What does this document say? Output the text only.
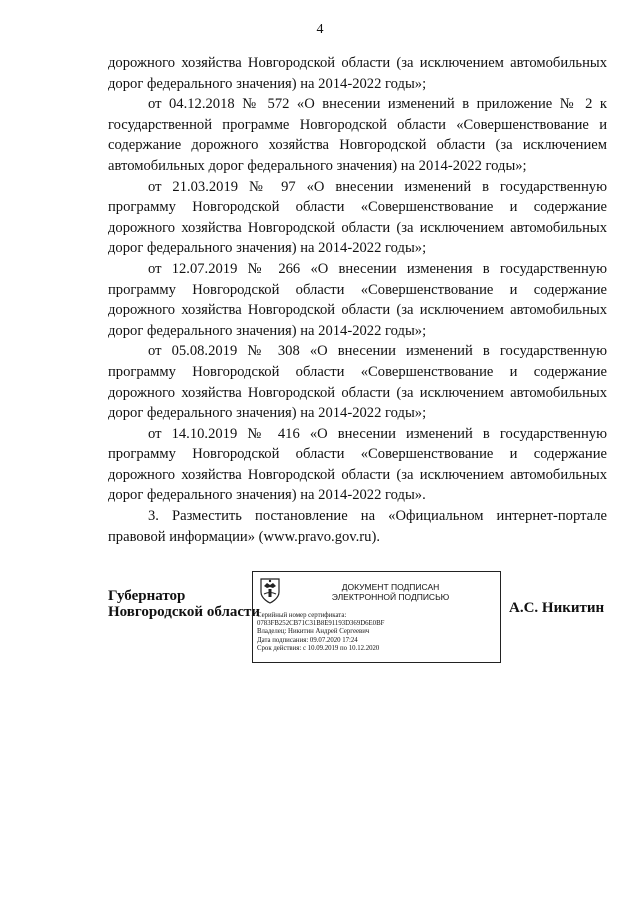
4

дорожного хозяйства Новгородской области (за исключением автомобильных дорог федерального значения) на 2014-2022 годы»;

от 04.12.2018 № 572 «О внесении изменений в приложение № 2 к государственной программе Новгородской области «Совершенствование и содержание дорожного хозяйства Новгородской области (за исключением автомобильных дорог федерального значения) на 2014-2022 годы»;

от 21.03.2019 № 97 «О внесении изменений в государственную программу Новгородской области «Совершенствование и содержание дорожного хозяйства Новгородской области (за исключением автомобильных дорог федерального значения) на 2014-2022 годы»;

от 12.07.2019 № 266 «О внесении изменения в государственную программу Новгородской области «Совершенствование и содержание дорожного хозяйства Новгородской области (за исключением автомобильных дорог федерального значения) на 2014-2022 годы»;

от 05.08.2019 № 308 «О внесении изменений в государственную программу Новгородской области «Совершенствование и содержание дорожного хозяйства Новгородской области (за исключением автомобильных дорог федерального значения) на 2014-2022 годы»;

от 14.10.2019 № 416 «О внесении изменений в государственную программу Новгородской области «Совершенствование и содержание дорожного хозяйства Новгородской области (за исключением автомобильных дорог федерального значения) на 2014-2022 годы».

3. Разместить постановление на «Официальном интернет-портале правовой информации» (www.pravo.gov.ru).

Губернатор
Новгородской области
ДОКУМЕНТ ПОДПИСАН
ЭЛЕКТРОННОЙ ПОДПИСЬЮ
Серийный номер сертификата:
0783FB252CB71C31B8E91193D369D6E0BF
Владелец: Никитин Андрей Сергеевич
Дата подписания: 09.07.2020 17:24
Срок действия: с 10.09.2019 по 10.12.2020
А.С. Никитин
